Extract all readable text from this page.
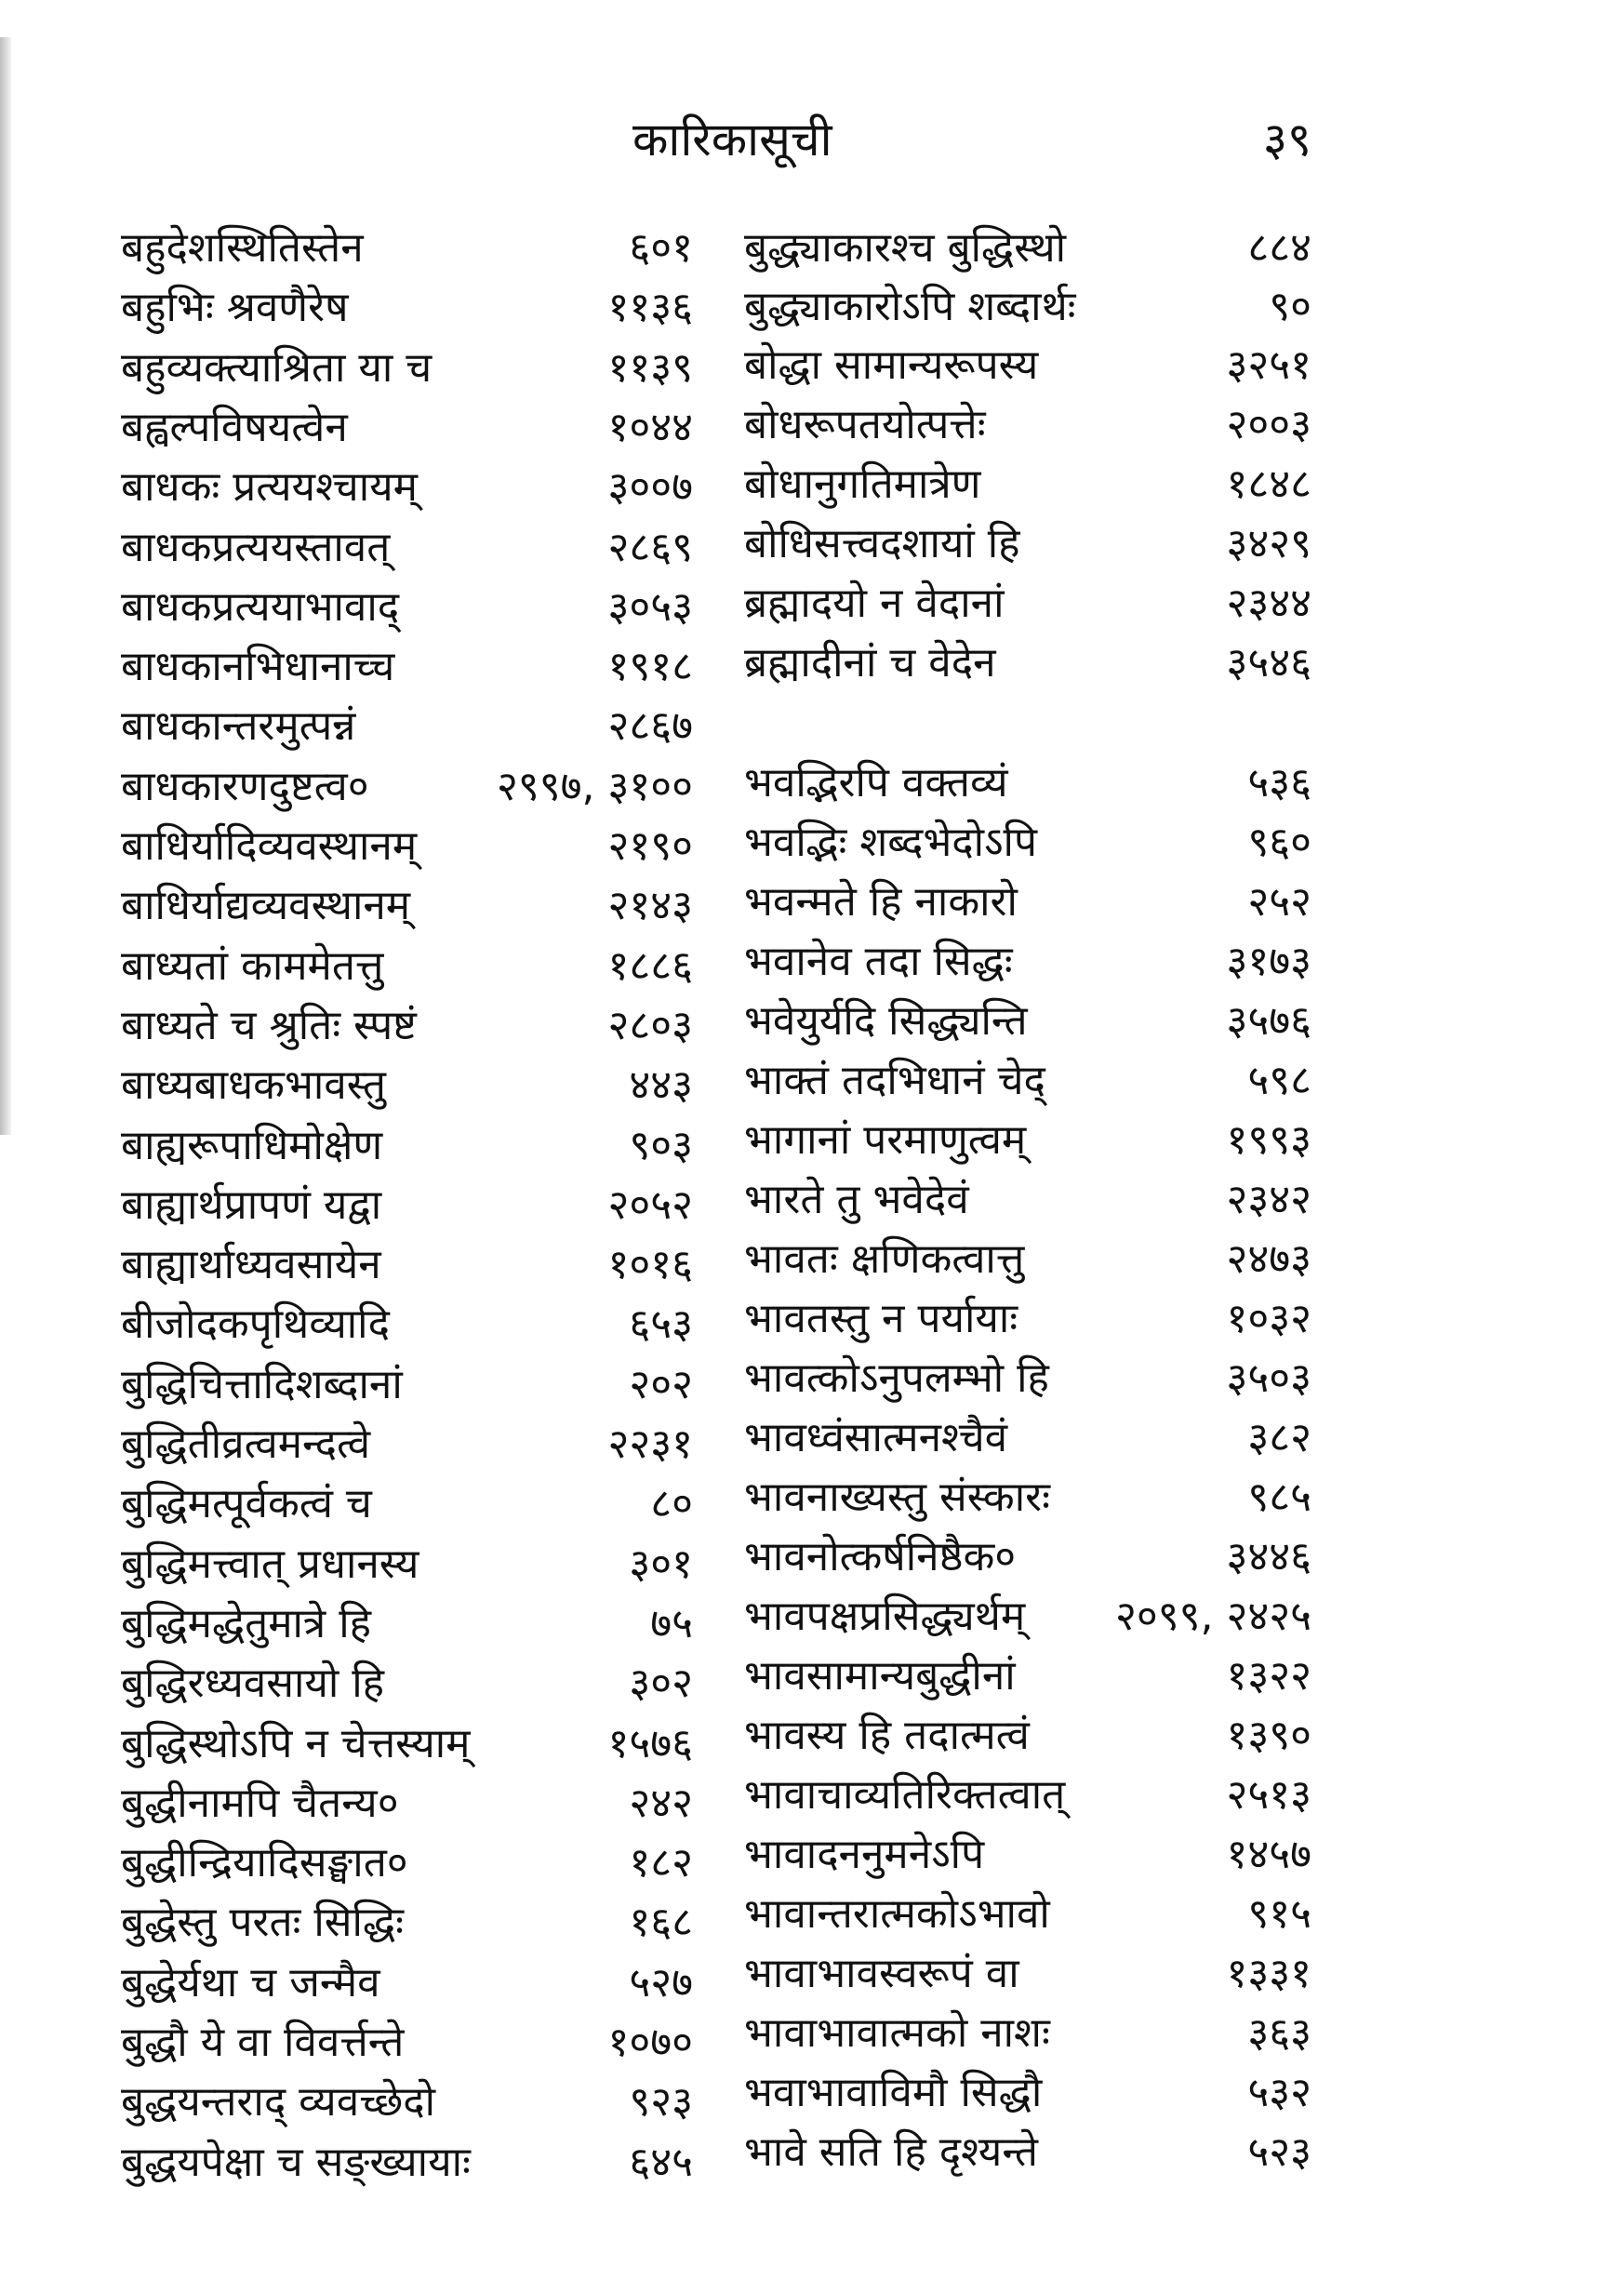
कारिकासूची	३९
बहुदेशस्थितिस्तेन	६०१
बहुभिः श्रवणैरेष	११३६
बहुव्यक्त्याश्रिता या च	११३९
बह्वल्पविषयत्वेन	१०४४
बाधकः प्रत्ययश्चायम्	३००७
बाधकप्रत्ययस्तावत्	२८६९
बाधकप्रत्ययाभावाद्	३०५३
बाधकानभिधानाच्च	१९१८
बाधकान्तरमुत्पन्नं	२८६७
बाधकारणदुष्टत्व०	२९९७, ३१००
बाधिर्यादिव्यवस्थानम्	२१९०
बाधिर्याद्यव्यवस्थानम्	२१४३
बाध्यतां काममेतत्तु	१८८६
बाध्यते च श्रुतिः स्पष्टं	२८०३
बाध्यबाधकभावस्तु	४४३
बाह्यरूपाधिमोक्षेण	९०३
बाह्यार्थप्रापणं यद्वा	२०५२
बाह्यार्थाध्यवसायेन	१०१६
बीजोदकपृथिव्यादि	६५३
बुद्धिचित्तादिशब्दानां	२०२
बुद्धितीव्रत्वमन्दत्वे	२२३१
बुद्धिमत्पूर्वकत्वं च	८०
बुद्धिमत्त्वात् प्रधानस्य	३०१
बुद्धिमद्धेतुमात्रे हि	७५
बुद्धिरध्यवसायो हि	३०२
बुद्धिस्थोऽपि न चेत्तस्याम्	१५७६
बुद्धीनामपि चैतन्य०	२४२
बुद्धीन्द्रियादिसङ्घात०	१८२
बुद्धेस्तु परतः सिद्धिः	१६८
बुद्धेर्यथा च जन्मैव	५२७
बुद्धौ ये वा विवर्त्तन्ते	१०७०
बुद्धयन्तराद् व्यवच्छेदो	९२३
बुद्धयपेक्षा च सङ्ख्यायाः	६४५
बुद्ध्याकारश्च बुद्धिस्थो	८८४
बुद्ध्याकारोऽपि शब्दार्थः	९०
बोद्धा सामान्यरूपस्य	३२५१
बोधरूपतयोत्पत्तेः	२००३
बोधानुगतिमात्रेण	१८४८
बोधिसत्त्वदशायां हि	३४२९
ब्रह्मादयो न वेदानां	२३४४
ब्रह्मादीनां च वेदेन	३५४६
भवद्भिरपि वक्तव्यं	५३६
भवद्भिः शब्दभेदोऽपि	९६०
भवन्मते हि नाकारो	२५२
भवानेव तदा सिद्धः	३१७३
भवेयुर्यदि सिद्ध्यन्ति	३५७६
भाक्तं तदभिधानं चेद्	५९८
भागानां परमाणुत्वम्	१९९३
भारते तु भवेदेवं	२३४२
भावतः क्षणिकत्वात्तु	२४७३
भावतस्तु न पर्यायाः	१०३२
भावत्कोऽनुपलम्भो हि	३५०३
भावध्वंसात्मनश्चैवं	३८२
भावनाख्यस्तु संस्कारः	९८५
भावनोत्कर्षनिष्ठैक०	३४४६
भावपक्षप्रसिद्ध्यर्थम् २०९९, २४२५
भावसामान्यबुद्धीनां	१३२२
भावस्य हि तदात्मत्वं	१३९०
भावाचाव्यतिरिक्तत्वात्	२५१३
भावादननुमनेऽपि	१४५७
भावान्तरात्मकोऽभावो	९१५
भावाभावस्वरूपं वा	१३३१
भावाभावात्मको नाशः	३६३
भवाभावाविमौ सिद्धौ	५३२
भावे सति हि दृश्यन्ते	५२३
